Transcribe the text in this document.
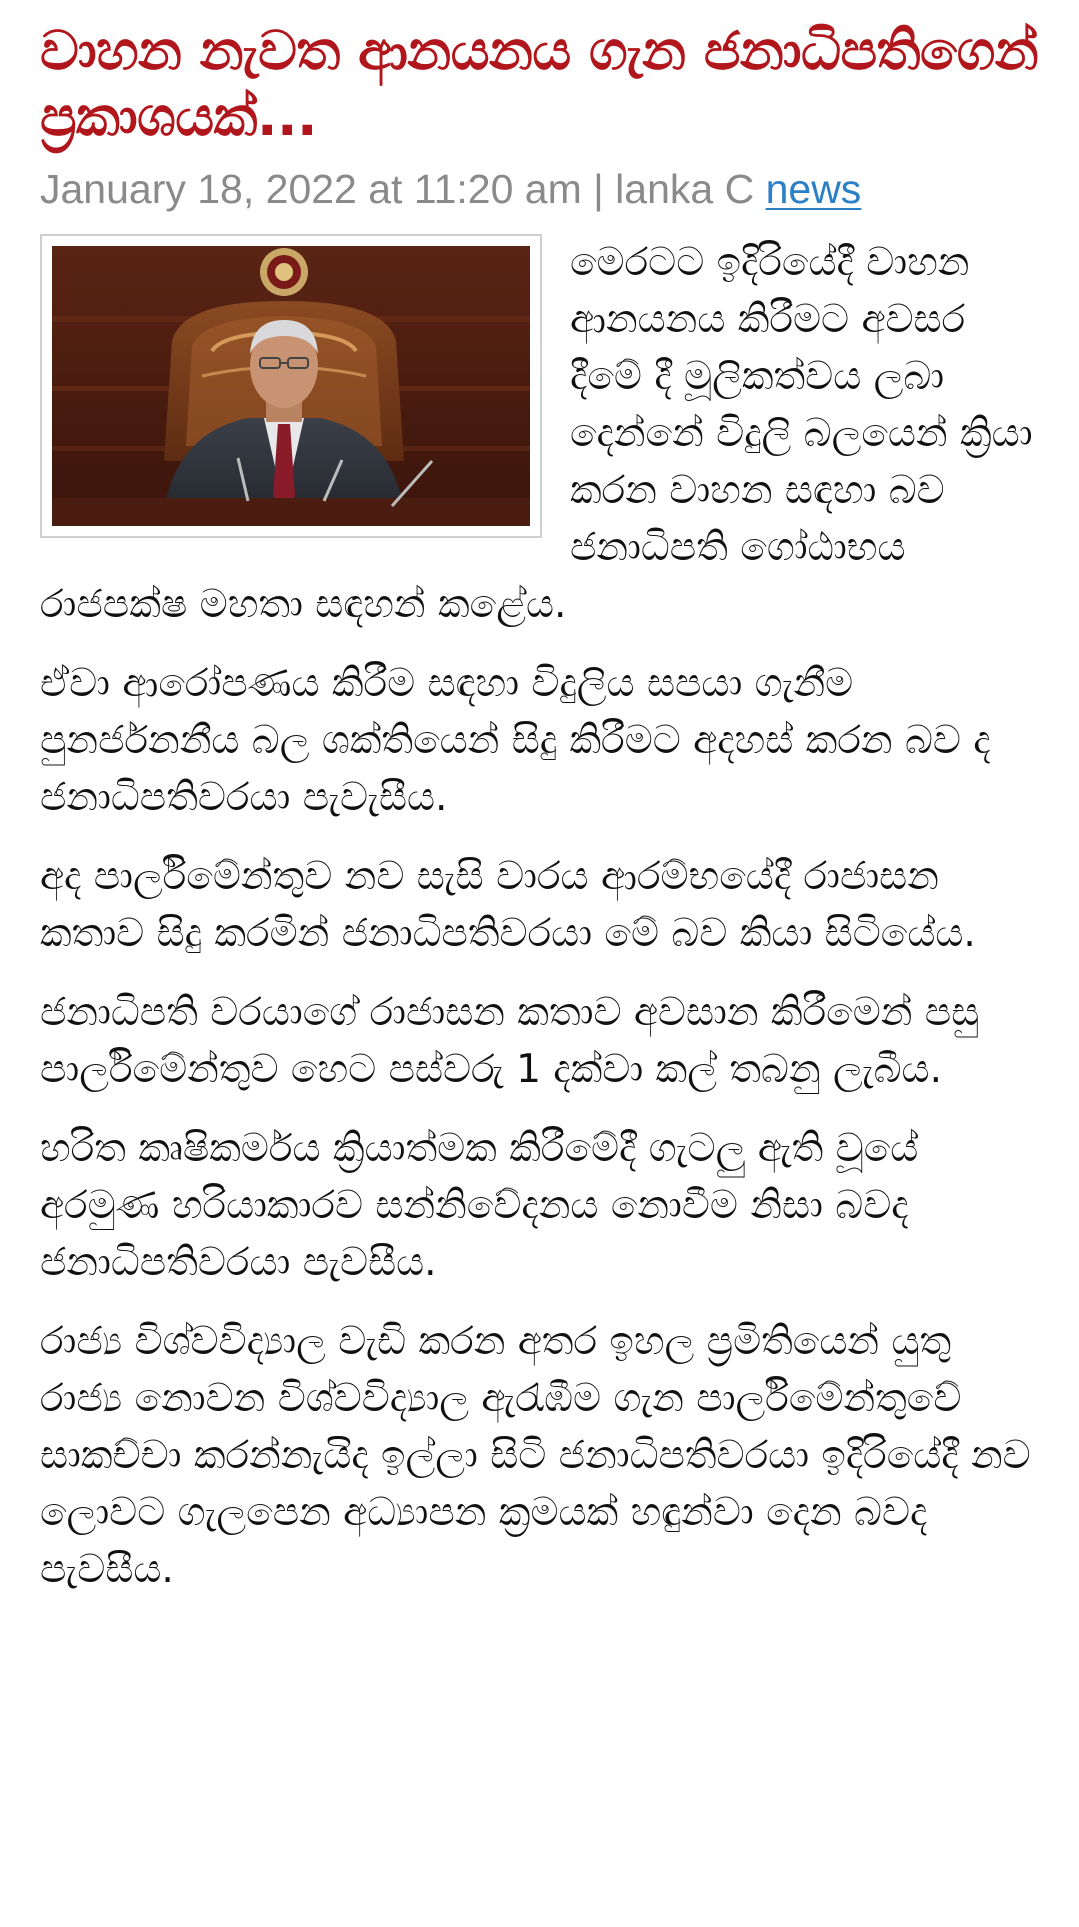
වාහන නැවත ආනයනය ගැන ජනාධිපතිගෙන් ප්‍රකාශයක්...
January 18, 2022 at 11:20 am | lanka C news

මෙරටට ඉදිරියේදී වාහන ආනයනය කිරීමට අවසර දීමේ දී මූලිකත්වය ලබා දෙන්නේ විදුලි බලයෙන් ක්‍රියා කරන වාහන සඳහා බව ජනාධිපති ගෝඨාභය රාජපක්ෂ මහතා සඳහන් කළේය.

ඒවා ආරෝපණය කිරීම සඳහා විදුලිය සපයා ගැනීම පුනර්ජනනීය බල ශක්තියෙන් සිදු කිරීමට අදහස් කරන බව ද ජනාධිපතිවරයා පැවැසීය.

අද පාර්ලිමේන්තුව නව සැසි වාරය ආරම්භයේදී රාජාසන කතාව සිදු කරමින් ජනාධිපතිවරයා මේ බව කියා සිටියේය.

ජනාධිපති වරයාගේ රාජාසන කතාව අවසාන කිරීමෙන් පසු පාර්ලිමේන්තුව හෙට පස්වරු 1 දක්වා කල් තබනු ලැබීය.

හරිත කෘෂිකර්මය ක්‍රියාත්මක කිරීමේදී ගැටලු ඇති වූයේ අරමුණ හරියාකාරව සන්නිවේදනය නොවීම නිසා බවද ජනාධිපතිවරයා පැවසීය.

රාජ්‍ය විශ්වවිද්‍යාල වැඩි කරන අතර ඉහල ප්‍රමිතියෙන් යුතු රාජ්‍ය නොවන විශ්වවිද්‍යාල ඇරැඹීම ගැන පාර්ලිමේන්තුවේ සාකච්චා කරන්නැයිද ඉල්ලා සිටි ජනාධිපතිවරයා ඉදිරියේදී නව ලොවට ගැලපෙන අධ්‍යාපන ක්‍රමයක් හඳුන්වා දෙන බවද පැවසීය.
